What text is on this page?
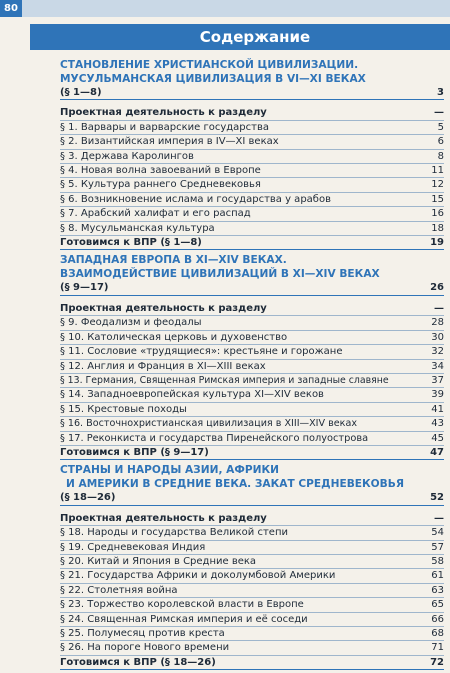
80
Содержание
СТАНОВЛЕНИЕ ХРИСТИАНСКОЙ ЦИВИЛИЗАЦИИ.
МУСУЛЬМАНСКАЯ ЦИВИЛИЗАЦИЯ В VI—XI ВЕКАХ
(§ 1—8)	3
Проектная деятельность к разделу	—
§ 1. Варвары и варварские государства	5
§ 2. Византийская империя в IV—XI веках	6
§ 3. Держава Каролингов	8
§ 4. Новая волна завоеваний в Европе	11
§ 5. Культура раннего Средневековья	12
§ 6. Возникновение ислама и государства у арабов	15
§ 7. Арабский халифат и его распад	16
§ 8. Мусульманская культура	18
Готовимся к ВПР (§ 1—8)	19
ЗАПАДНАЯ ЕВРОПА В XI—XIV ВЕКАХ.
ВЗАИМОДЕЙСТВИЕ ЦИВИЛИЗАЦИЙ В XI—XIV ВЕКАХ
(§ 9—17)	26
Проектная деятельность к разделу	—
§ 9. Феодализм и феодалы	28
§ 10. Католическая церковь и духовенство	30
§ 11. Сословие «трудящиеся»: крестьяне и горожане	32
§ 12. Англия и Франция в XI—XIII веках	34
§ 13. Германия, Священная Римская империя и западные славяне	37
§ 14. Западноевропейская культура XI—XIV веков	39
§ 15. Крестовые походы	41
§ 16. Восточнохристианская цивилизация в XIII—XIV веках	43
§ 17. Реконкиста и государства Пиренейского полуострова	45
Готовимся к ВПР (§ 9—17)	47
СТРАНЫ И НАРОДЫ АЗИИ, АФРИКИ
И АМЕРИКИ В СРЕДНИЕ ВЕКА. ЗАКАТ СРЕДНЕВЕКОВЬЯ
(§ 18—26)	52
Проектная деятельность к разделу	—
§ 18. Народы и государства Великой степи	54
§ 19. Средневековая Индия	57
§ 20. Китай и Япония в Средние века	58
§ 21. Государства Африки и доколумбовой Америки	61
§ 22. Столетняя война	63
§ 23. Торжество королевской власти в Европе	65
§ 24. Священная Римская империя и её соседи	66
§ 25. Полумесяц против креста	68
§ 26. На пороге Нового времени	71
Готовимся к ВПР (§ 18—26)	72
